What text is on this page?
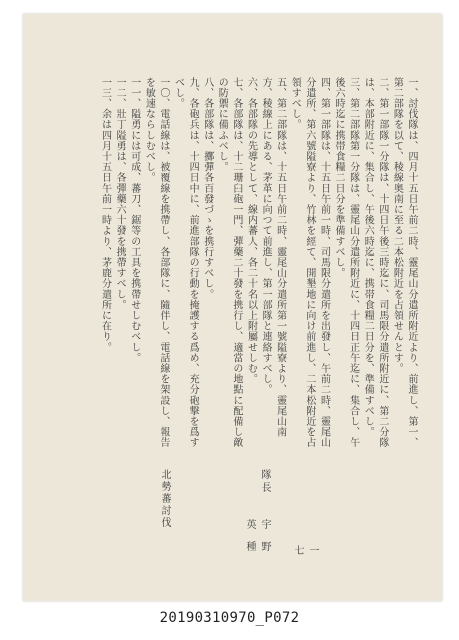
一、討伐隊は、四月十五日午前二時、靈尾山分遣所附近より、前進し、第一、第二部隊を以て、稜線奥南に至る二本松附近を占領せんとす。
二、第一部隊一分隊は、十四日午後三時迄に、司馬限分遣所附近に、第二分隊は、本部附近に、集合し、午後六時迄に、携帯食糧二日分を、準備すべし。
三、第二部隊第一分隊は、靈尾山分遣所附近に、十四日正午迄に、集合し、午後六時迄に携帯食糧二日分を準備すべし。
四、第一部隊は、十五日午前一時、司馬限分遣所を出發し、午前二時、靈尾山分遣所、第六號隘寮より、竹林を經て、開墾地に向け前進し、二本松附近を占領すべし。
五、第二部隊は、十五日午前二時、靈尾山分遣所第一號隘寮より、靈尾山南方、稜線上にある、茅革に向つて前進し、第一部隊と連絡すべし。
六、各部隊の先導として、線内蕃人、各二十名以上附屬せしむ。
七、各部隊は、十二珊臼砲一門、彈藥二十發を携行し、適當の地點に配備し敵の防禦に備ふべし。
八、各部隊は、擲彈各百發づゝを携行すべし。
九、各砲兵は、十四日中に、前進部隊の行動を掩護する爲め、充分砲撃を爲すべし。
一〇、電話線は、被覆線を携帶し、各部隊に、隨伴し、電話線を架設し、報告を敏速ならしむべし。
一一、隘勇には可成、蕃刀、鋸等の工具を携帶せしむべし。
一二、壯丁隘勇は、各彈藥六十發を携帶すべし。
一三、余は四月十五日午前一時より、茅鹿分遣所に在り。
北勢蕃討伐	隊長
宇野英種	一七
20190310970_P072
